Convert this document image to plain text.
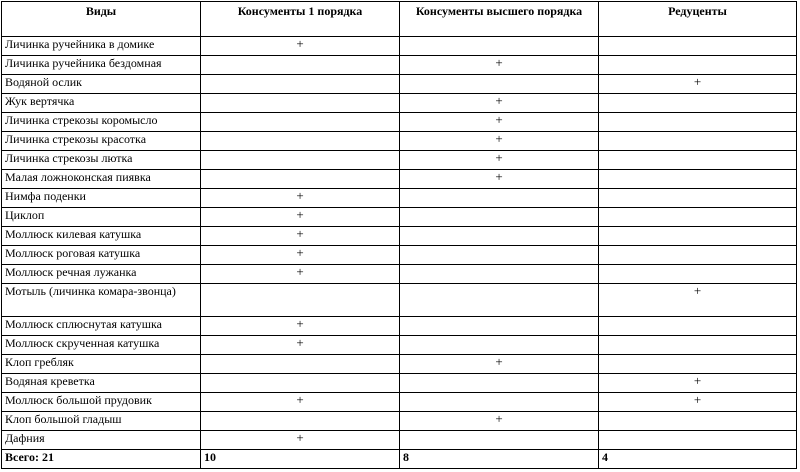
Виды	Консументы 1 порядка	Консументы высшего порядка	Редуценты
Личинка ручейника в домике	+		
Личинка ручейника бездомная		+	
Водяной ослик			+
Жук вертячка		+	
Личинка стрекозы коромысло		+	
Личинка стрекозы красотка		+	
Личинка стрекозы лютка		+	
Малая ложноконская пиявка		+	
Нимфа поденки	+		
Циклоп	+		
Моллюск килевая катушка	+		
Моллюск роговая катушка	+		
Моллюск речная лужанка	+		
Мотыль (личинка комара-звонца)			+
Моллюск сплюснутая катушка	+		
Моллюск скрученная катушка	+		
Клоп гребляк		+	
Водяная креветка			+
Моллюск большой прудовик	+		+
Клоп большой гладыш		+	
Дафния	+		
Всего: 21	10	8	4
